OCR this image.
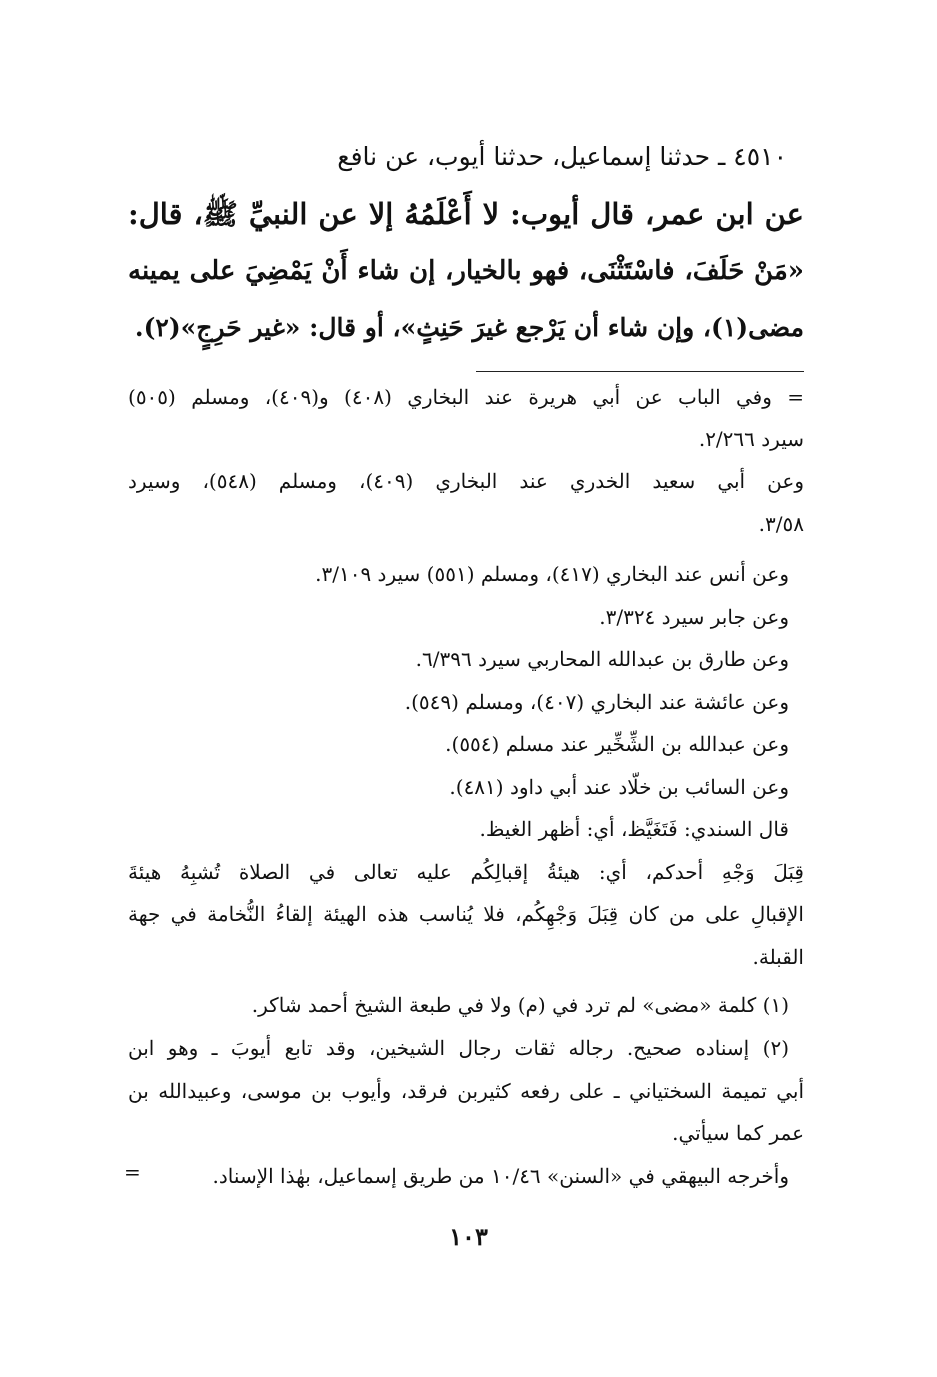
٤٥١٠ ـ حدثنا إسماعيل، حدثنا أيوب، عن نافع
عن ابن عمر، قال أيوب: لا أَعْلَمُهُ إلا عن النبيِّ ﷺ، قال:
«مَنْ حَلَفَ، فاسْتَثْنَى، فهو بالخيار، إن شاء أَنْ يَمْضِيَ على يمينه
مضى(١)، وإن شاء أن يَرْجع غيرَ حَنِثٍ»، أو قال: «غير حَرِجٍ»(٢).
= وفي الباب عن أبي هريرة عند البخاري (٤٠٨) و(٤٠٩)، ومسلم (٥٠٥)
سيرد ٢/٢٦٦.
وعن أبي سعيد الخدري عند البخاري (٤٠٩)، ومسلم (٥٤٨)، وسيرد
٣/٥٨.
وعن أنس عند البخاري (٤١٧)، ومسلم (٥٥١) سيرد ٣/١٠٩.
وعن جابر سيرد ٣/٣٢٤.
وعن طارق بن عبدالله المحاربي سيرد ٦/٣٩٦.
وعن عائشة عند البخاري (٤٠٧)، ومسلم (٥٤٩).
وعن عبدالله بن الشِّخِّير عند مسلم (٥٥٤).
وعن السائب بن خلّاد عند أبي داود (٤٨١).
قال السندي: فَتَغَيَّظ، أي: أظهر الغيظ.
قِبَلَ وَجْهِ أحدكم، أي: هيئةُ إقبالِكُم عليه تعالى في الصلاة تُشبِهُ هيئةَ
الإقبالِ على من كان قِبَلَ وَجْهِكُم، فلا يُناسب هذه الهيئة إلقاءُ النُّخامة في جهة
القبلة.
(١) كلمة «مضى» لم ترد في (م) ولا في طبعة الشيخ أحمد شاكر.
(٢) إسناده صحيح. رجاله ثقات رجال الشيخين، وقد تابع أيوبَ ـ وهو ابن
أبي تميمة السختياني ـ على رفعه كثيربن فرقد، وأيوب بن موسى، وعبيدالله بن
عمر كما سيأتي.
وأخرجه البيهقي في «السنن» ١٠/٤٦ من طريق إسماعيل، بهٰذا الإسناد.
=
١٠٣
